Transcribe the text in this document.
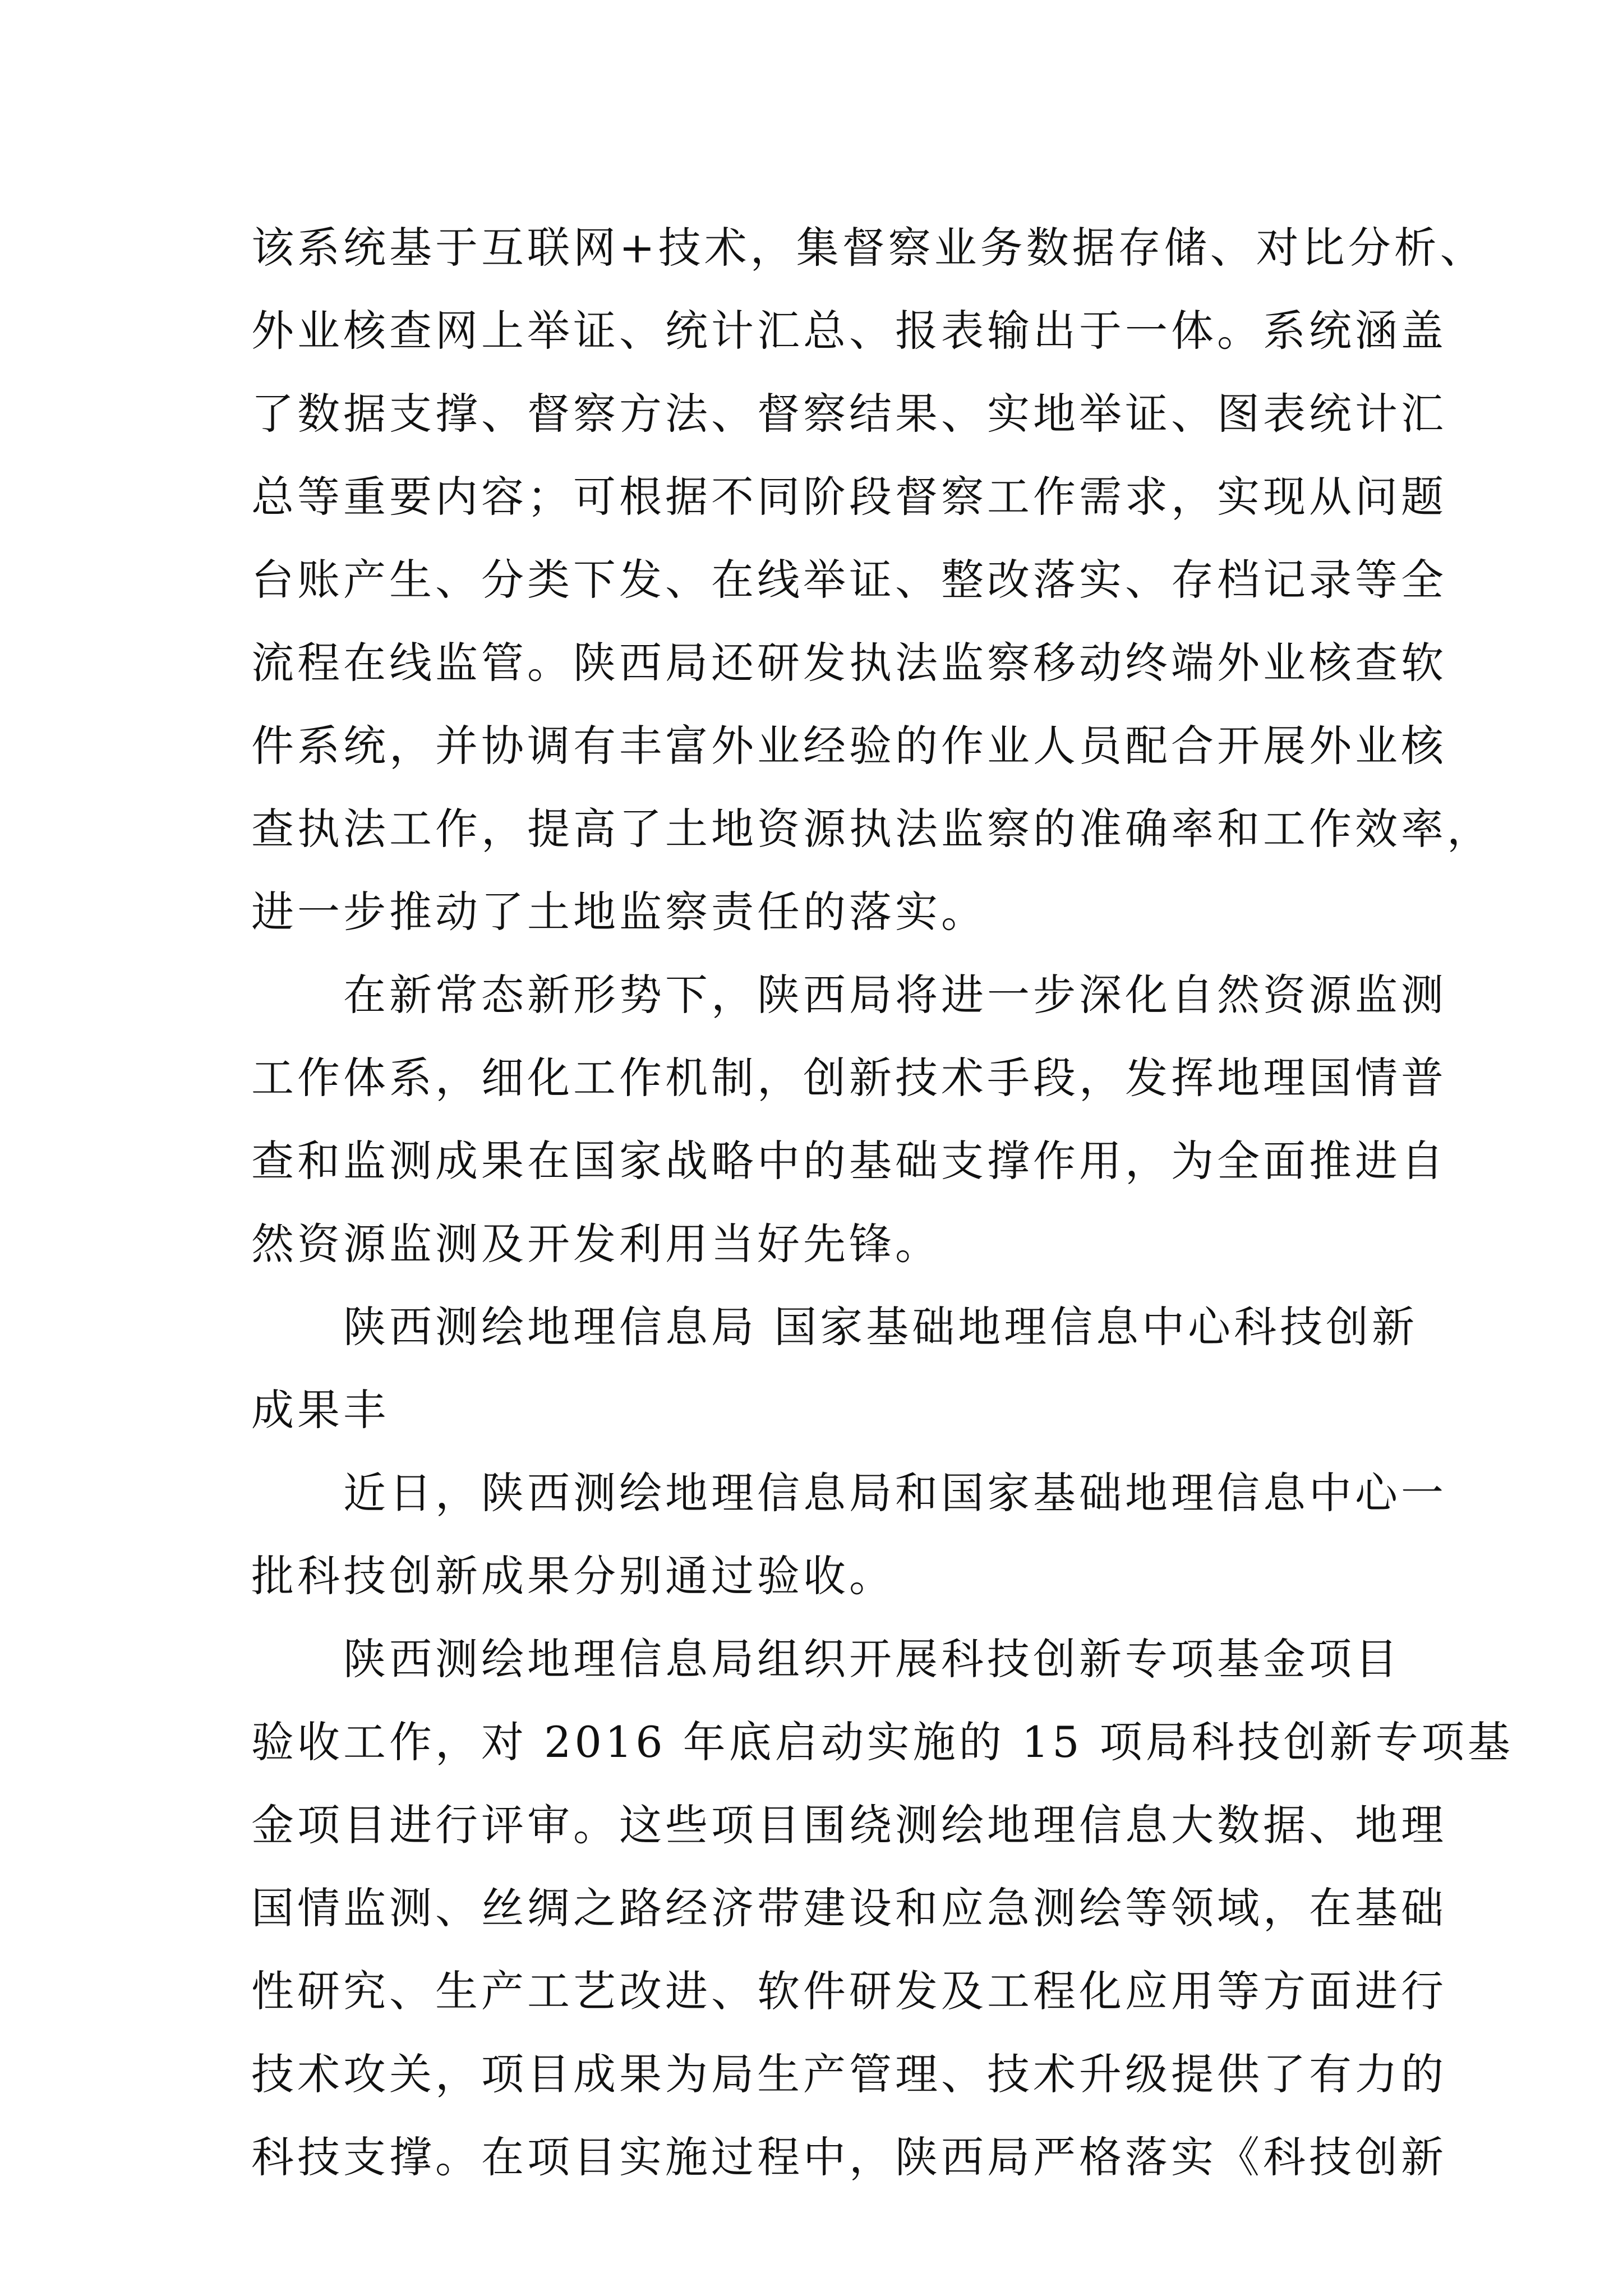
该系统基于互联网+技术，集督察业务数据存储、对比分析、
外业核查网上举证、统计汇总、报表输出于一体。系统涵盖
了数据支撑、督察方法、督察结果、实地举证、图表统计汇
总等重要内容；可根据不同阶段督察工作需求，实现从问题
台账产生、分类下发、在线举证、整改落实、存档记录等全
流程在线监管。陕西局还研发执法监察移动终端外业核查软
件系统，并协调有丰富外业经验的作业人员配合开展外业核
查执法工作，提高了土地资源执法监察的准确率和工作效率，
进一步推动了土地监察责任的落实。
　　在新常态新形势下，陕西局将进一步深化自然资源监测
工作体系，细化工作机制，创新技术手段，发挥地理国情普
查和监测成果在国家战略中的基础支撑作用，为全面推进自
然资源监测及开发利用当好先锋。
　　陕西测绘地理信息局 国家基础地理信息中心科技创新
成果丰
　　近日，陕西测绘地理信息局和国家基础地理信息中心一
批科技创新成果分别通过验收。
　　陕西测绘地理信息局组织开展科技创新专项基金项目
验收工作，对 2016 年底启动实施的 15 项局科技创新专项基
金项目进行评审。这些项目围绕测绘地理信息大数据、地理
国情监测、丝绸之路经济带建设和应急测绘等领域，在基础
性研究、生产工艺改进、软件研发及工程化应用等方面进行
技术攻关，项目成果为局生产管理、技术升级提供了有力的
科技支撑。在项目实施过程中，陕西局严格落实《科技创新
